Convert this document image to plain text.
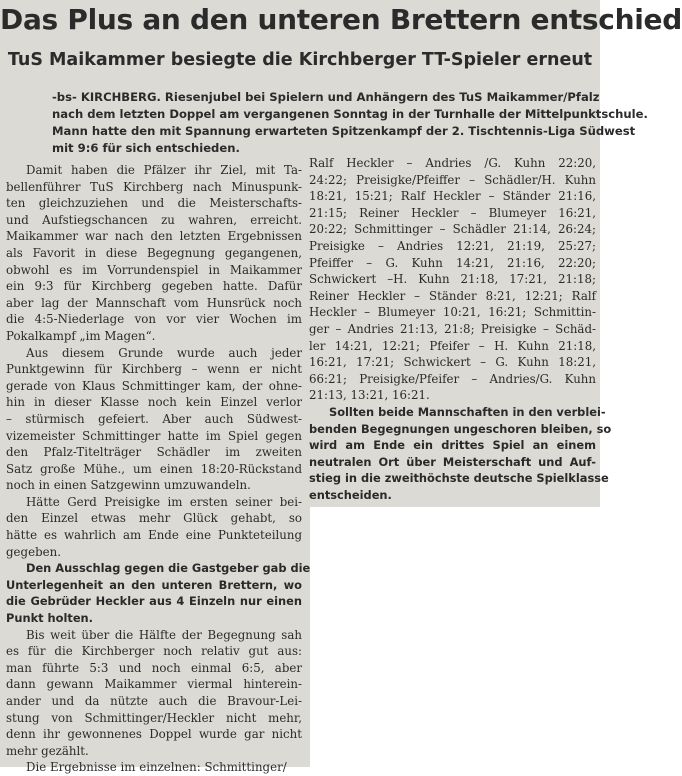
Das Plus an den unteren Brettern entschied
TuS Maikammer besiegte die Kirchberger TT-Spieler erneut
-bs- KIRCHBERG. Riesenjubel bei Spielern und Anhängern des TuS Maikammer/Pfalz
nach dem letzten Doppel am vergangenen Sonntag in der Turnhalle der Mittelpunktschule.
Mann hatte den mit Spannung erwarteten Spitzenkampf der 2. Tischtennis-Liga Südwest
mit 9:6 für sich entschieden.

Damit haben die Pfälzer ihr Ziel, mit Ta-
bellenführer TuS Kirchberg nach Minuspunk-
ten gleichzuziehen und die Meisterschafts-
und Aufstiegschancen zu wahren, erreicht.
Maikammer war nach den letzten Ergebnissen
als Favorit in diese Begegnung gegangenen,
obwohl es im Vorrundenspiel in Maikammer
ein 9:3 für Kirchberg gegeben hatte. Dafür
aber lag der Mannschaft vom Hunsrück noch
die 4:5-Niederlage von vor vier Wochen im
Pokalkampf „im Magen“.

Aus diesem Grunde wurde auch jeder
Punktgewinn für Kirchberg – wenn er nicht
gerade von Klaus Schmittinger kam, der ohne-
hin in dieser Klasse noch kein Einzel verlor
– stürmisch gefeiert. Aber auch Südwest-
vizemeister Schmittinger hatte im Spiel gegen
den Pfalz-Titelträger Schädler im zweiten
Satz große Mühe., um einen 18:20-Rückstand
noch in einen Satzgewinn umzuwandeln.

Hätte Gerd Preisigke im ersten seiner bei-
den Einzel etwas mehr Glück gehabt, so
hätte es wahrlich am Ende eine Punkteteilung
gegeben.

Den Ausschlag gegen die Gastgeber gab die
Unterlegenheit an den unteren Brettern, wo
die Gebrüder Heckler aus 4 Einzeln nur einen
Punkt holten.

Bis weit über die Hälfte der Begegnung sah
es für die Kirchberger noch relativ gut aus:
man führte 5:3 und noch einmal 6:5, aber
dann gewann Maikammer viermal hinterein-
ander und da nützte auch die Bravour-Lei-
stung von Schmittinger/Heckler nicht mehr,
denn ihr gewonnenes Doppel wurde gar nicht
mehr gezählt.

Die Ergebnisse im einzelnen: Schmittinger/

Ralf Heckler – Andries /G. Kuhn 22:20,
24:22; Preisigke/Pfeiffer – Schädler/H. Kuhn
18:21, 15:21; Ralf Heckler – Ständer 21:16,
21:15; Reiner Heckler – Blumeyer 16:21,
20:22; Schmittinger – Schädler 21:14, 26:24;
Preisigke – Andries 12:21, 21:19, 25:27;
Pfeiffer – G. Kuhn 14:21, 21:16, 22:20;
Schwickert –H. Kuhn 21:18, 17:21, 21:18;
Reiner Heckler – Ständer 8:21, 12:21; Ralf
Heckler – Blumeyer 10:21, 16:21; Schmittin-
ger – Andries 21:13, 21:8; Preisigke – Schäd-
ler 14:21, 12:21; Pfeifer – H. Kuhn 21:18,
16:21, 17:21; Schwickert – G. Kuhn 18:21,
66:21; Preisigke/Pfeifer – Andries/G. Kuhn
21:13, 13:21, 16:21.

Sollten beide Mannschaften in den verblei-
benden Begegnungen ungeschoren bleiben, so
wird am Ende ein drittes Spiel an einem
neutralen Ort über Meisterschaft und Auf-
stieg in die zweithöchste deutsche Spielklasse
entscheiden.
